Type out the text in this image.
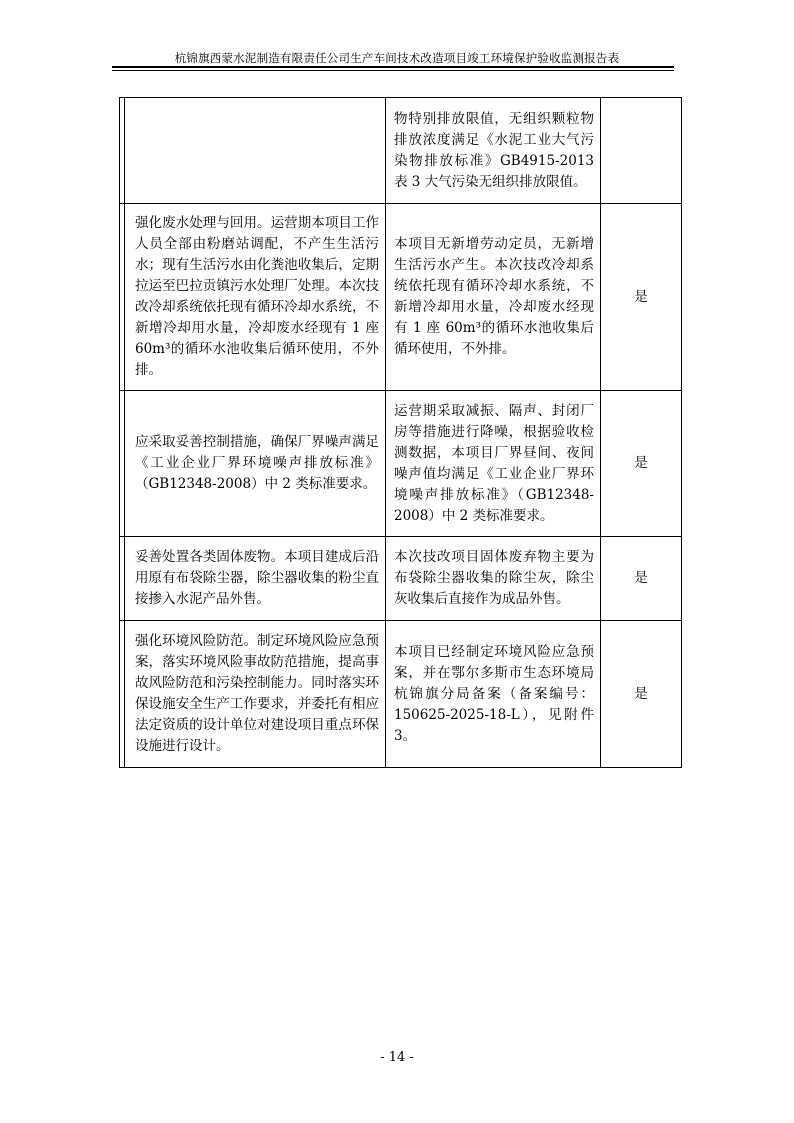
杭锦旗西蒙水泥制造有限责任公司生产车间技术改造项目竣工环境保护验收监测报告表

		物特别排放限值，无组织颗粒物排放浓度满足《水泥工业大气污染物排放标准》GB4915-2013 表 3 大气污染无组织排放限值。	

	强化废水处理与回用。运营期本项目工作人员全部由粉磨站调配，不产生生活污水；现有生活污水由化粪池收集后，定期拉运至巴拉贡镇污水处理厂处理。本次技改冷却系统依托现有循环冷却水系统，不新增冷却用水量，冷却废水经现有 1 座 60m³的循环水池收集后循环使用，不外排。	本项目无新增劳动定员，无新增生活污水产生。本次技改冷却系统依托现有循环冷却水系统，不新增冷却用水量，冷却废水经现有 1 座 60m³的循环水池收集后循环使用，不外排。	是

	应采取妥善控制措施，确保厂界噪声满足《工业企业厂界环境噪声排放标准》（GB12348-2008）中 2 类标准要求。	运营期采取减振、隔声、封闭厂房等措施进行降噪，根据验收检测数据，本项目厂界昼间、夜间噪声值均满足《工业企业厂界环境噪声排放标准》（GB12348-2008）中 2 类标准要求。	是

	妥善处置各类固体废物。本项目建成后沿用原有布袋除尘器，除尘器收集的粉尘直接掺入水泥产品外售。	本次技改项目固体废弃物主要为布袋除尘器收集的除尘灰，除尘灰收集后直接作为成品外售。	是

	强化环境风险防范。制定环境风险应急预案，落实环境风险事故防范措施，提高事故风险防范和污染控制能力。同时落实环保设施安全生产工作要求，并委托有相应法定资质的设计单位对建设项目重点环保设施进行设计。	本项目已经制定环境风险应急预案，并在鄂尔多斯市生态环境局杭锦旗分局备案（备案编号：150625-2025-18-L），见附件 3。	是
- 14 -
